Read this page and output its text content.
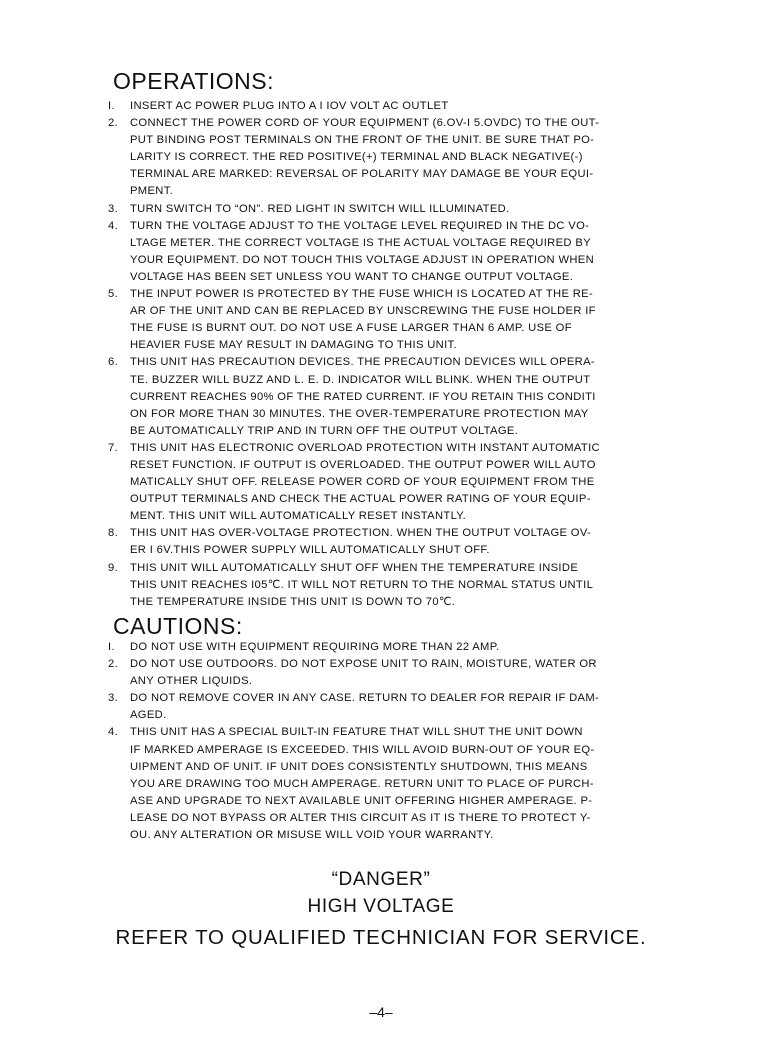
OPERATIONS:
I.	INSERT AC POWER PLUG INTO A I IOV VOLT AC OUTLET
2.	CONNECT THE POWER CORD OF YOUR EQUIPMENT (6.OV-I 5.OVDC) TO THE OUT-
PUT BINDING POST TERMINALS ON THE FRONT OF THE UNIT. BE SURE THAT PO-
LARITY IS CORRECT. THE RED POSITIVE(+) TERMINAL AND BLACK NEGATIVE(-)
TERMINAL ARE MARKED: REVERSAL OF POLARITY MAY DAMAGE BE YOUR EQUI-
PMENT.
3.	TURN SWITCH TO “ON”. RED LIGHT IN SWITCH WILL ILLUMINATED.
4.	TURN THE VOLTAGE ADJUST TO THE VOLTAGE LEVEL REQUIRED IN THE DC VO-
LTAGE METER. THE CORRECT VOLTAGE IS THE ACTUAL VOLTAGE REQUIRED BY
YOUR EQUIPMENT. DO NOT TOUCH THIS VOLTAGE ADJUST IN OPERATION WHEN
VOLTAGE HAS BEEN SET UNLESS YOU WANT TO CHANGE OUTPUT VOLTAGE.
5.	THE INPUT POWER IS PROTECTED BY THE FUSE WHICH IS LOCATED AT THE RE-
AR OF THE UNIT AND CAN BE REPLACED BY UNSCREWING THE FUSE HOLDER IF
THE FUSE IS BURNT OUT. DO NOT USE A FUSE LARGER THAN 6 AMP. USE OF
HEAVIER FUSE MAY RESULT IN DAMAGING TO THIS UNIT.
6.	THIS UNIT HAS PRECAUTION DEVICES. THE PRECAUTION DEVICES WILL OPERA-
TE. BUZZER WILL BUZZ AND L. E. D. INDICATOR WILL BLINK. WHEN THE OUTPUT
CURRENT REACHES 90% OF THE RATED CURRENT. IF YOU RETAIN THIS CONDITI
ON FOR MORE THAN 30 MINUTES. THE OVER-TEMPERATURE PROTECTION MAY
BE AUTOMATICALLY TRIP AND IN TURN OFF THE OUTPUT VOLTAGE.
7.	THIS UNIT HAS ELECTRONIC OVERLOAD PROTECTION WITH INSTANT AUTOMATIC
RESET FUNCTION. IF OUTPUT IS OVERLOADED. THE OUTPUT POWER WILL AUTO
MATICALLY SHUT OFF. RELEASE POWER CORD OF YOUR EQUIPMENT FROM THE
OUTPUT TERMINALS AND CHECK THE ACTUAL POWER RATING OF YOUR EQUIP-
MENT. THIS UNIT WILL AUTOMATICALLY RESET INSTANTLY.
8.	THIS UNIT HAS OVER-VOLTAGE PROTECTION. WHEN THE OUTPUT VOLTAGE OV-
ER I 6V.THIS POWER SUPPLY WILL AUTOMATICALLY SHUT OFF.
9.	THIS UNIT WILL AUTOMATICALLY SHUT OFF WHEN THE TEMPERATURE INSIDE
THIS UNIT REACHES I05℃. IT WILL NOT RETURN TO THE NORMAL STATUS UNTIL
THE TEMPERATURE INSIDE THIS UNIT IS DOWN TO 70℃.
CAUTIONS:
I.	DO NOT USE WITH EQUIPMENT REQUIRING MORE THAN 22 AMP.
2.	DO NOT USE OUTDOORS. DO NOT EXPOSE UNIT TO RAIN, MOISTURE, WATER OR
ANY OTHER LIQUIDS.
3.	DO NOT REMOVE COVER IN ANY CASE. RETURN TO DEALER FOR REPAIR IF DAM-
AGED.
4.	THIS UNIT HAS A SPECIAL BUILT-IN FEATURE THAT WILL SHUT THE UNIT DOWN
IF MARKED AMPERAGE IS EXCEEDED. THIS WILL AVOID BURN-OUT OF YOUR EQ-
UIPMENT AND OF UNIT. IF UNIT DOES CONSISTENTLY SHUTDOWN, THIS MEANS
YOU ARE DRAWING TOO MUCH AMPERAGE. RETURN UNIT TO PLACE OF PURCH-
ASE AND UPGRADE TO NEXT AVAILABLE UNIT OFFERING HIGHER AMPERAGE. P-
LEASE DO NOT BYPASS OR ALTER THIS CIRCUIT AS IT IS THERE TO PROTECT Y-
OU. ANY ALTERATION OR MISUSE WILL VOID YOUR WARRANTY.
“DANGER”
HIGH VOLTAGE
REFER TO QUALIFIED TECHNICIAN FOR SERVICE.
–4–
